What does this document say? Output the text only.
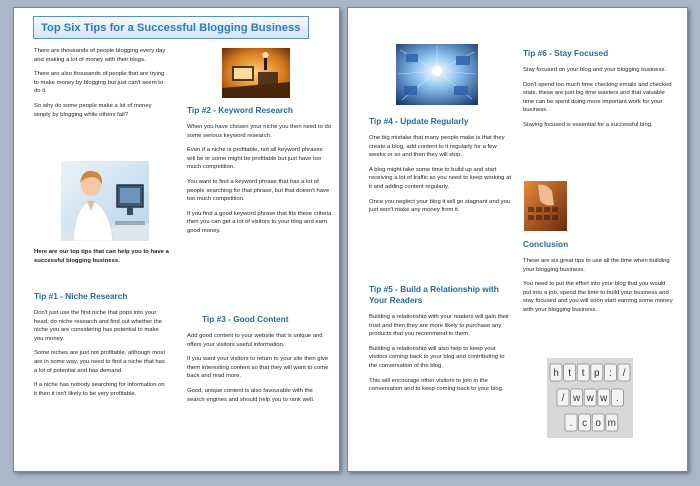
Top Six Tips for a Successful Blogging Business

There are thousands of people blogging every day and making a lot of money with their blogs.

There are also thousands of people that are trying to make money by blogging but just can't seem to do it.

So why do some people make a lot of money simply by blogging while others fail?

Here are our top tips that can help you to have a successful blogging business.

Tip #1 - Niche Research

Don't just use the first niche that pops into your head, do niche research and find out whether the niche you are considering has potential to make you money.

Some niches are just not profitable, although most are in some way, you need to find a niche that has a lot of potential and has demand.

If a niche has nobody searching for information on it then it isn't likely to be very profitable.

Tip #2 - Keyword Research

When you have chosen your niche you then need to do some serious keyword research.

Even if a niche is profitable, not all keyword phrases will be or some might be profitable but just have too much competition.

You want to find a keyword phrase that has a lot of people searching for that phrase, but that doesn't have too much competition.

If you find a good keyword phrase that fits these criteria then you can get a lot of visitors to your blog and earn good money.

Tip #3 - Good Content

Add good content to your website that is unique and offers your visitors useful information.

If you want your visitors to return to your site then give them interesting content so that they will want to come back and read more.

Good, unique content is also favourable with the search engines and should help you to rank well.

Tip #4 - Update Regularly

One big mistake that many people make is that they create a blog, add content to it regularly for a few weeks or so and then they will stop.

A blog might take some time to build up and start receiving a lot of traffic so you need to keep working at it and adding content regularly.

Once you neglect your blog it will go stagnant and you just won't make any money from it.

Tip #5 - Build a Relationship with Your Readers

Building a relationship with your readers will gain their trust and then they are more likely to purchase any products that you recommend to them.

Building a relationship will also help to keep your visitors coming back to your blog and contributing to the conversation of the blog.

This will encourage other visitors to join in the conversation and to keep coming back to your blog.

Tip #6 - Stay Focused

Stay focused on your blog and your blogging business.

Don't spend too much time checking emails and checked stats, these are just big time wasters and that valuable time can be spent doing more important work for your business.

Staying focused is essential for a successful blog.

Conclusion

These are six great tips to use all the time when building your blogging business.

You need to put the effort into your blog that you would put into a job, spend the time to build your business and stay focused and you will soon start earning some money with your blogging business.

h t t p : /
/ w w w .
. c o m
